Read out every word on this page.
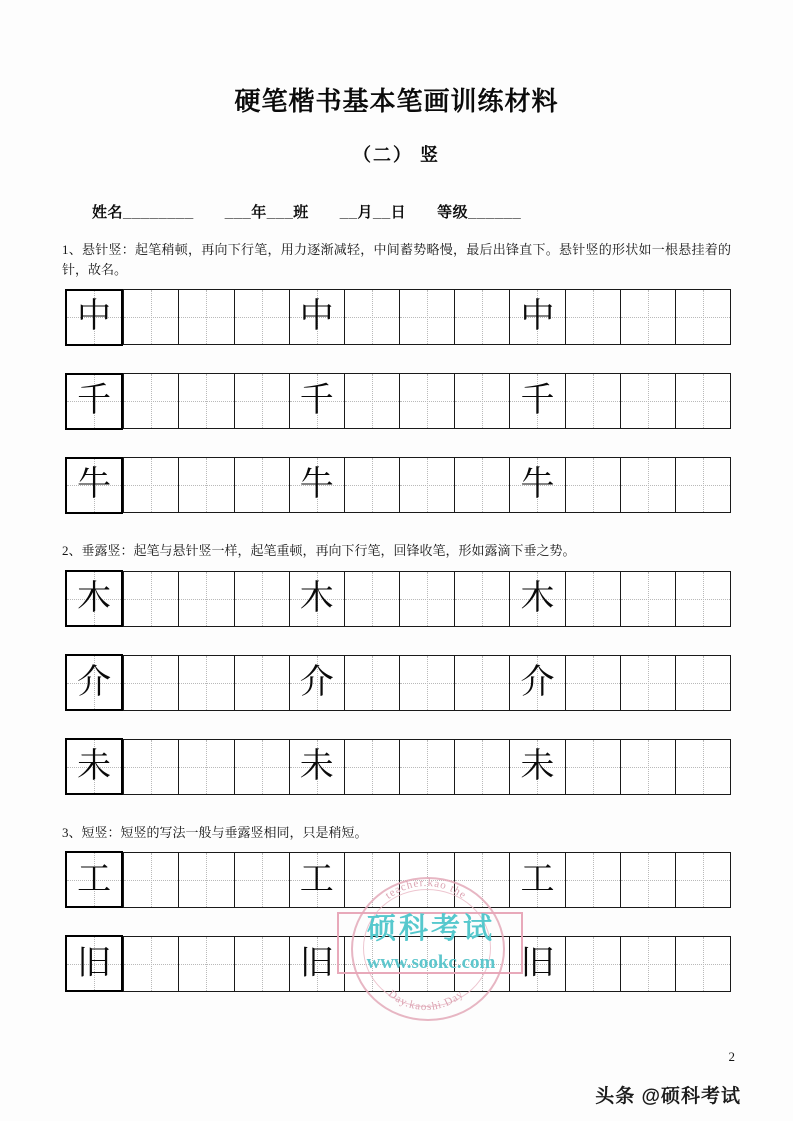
硬笔楷书基本笔画训练材料
（二） 竖
姓名________　　___年___班　　__月__日　　等级______

1、悬针竖：起笔稍顿，再向下行笔，用力逐渐减轻，中间蓄势略慢，最后出锋直下。悬针竖的形状如一根悬挂着的针，故名。

中	中	中
千	千	千
牛	牛	牛

2、垂露竖：起笔与悬针竖一样，起笔重顿，再向下行笔，回锋收笔，形如露滴下垂之势。

木	木	木
介	介	介
未	未	未

3、短竖：短竖的写法一般与垂露竖相同，只是稍短。

工	工	工
旧	旧	旧
teacher.kao the
Day.kaoshi.Day
硕科考试
www.sookc.com
2
头条 @硕科考试
